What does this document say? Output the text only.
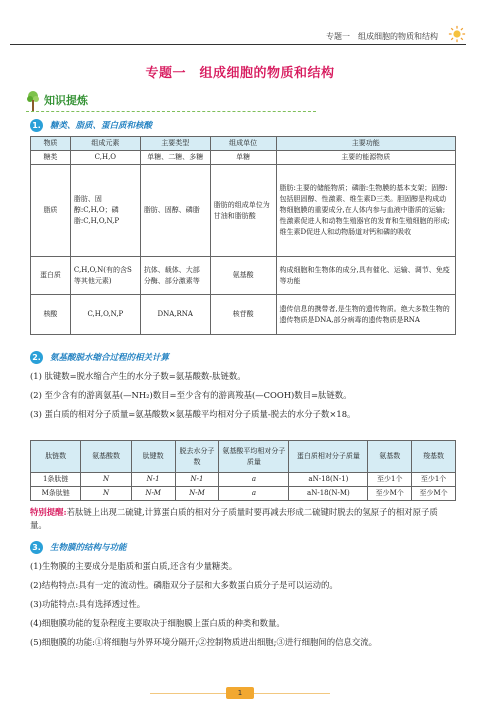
专题一　组成细胞的物质和结构
专题一　组成细胞的物质和结构
知识提炼
1. 糖类、脂质、蛋白质和核酸
物质	组成元素	主要类型	组成单位	主要功能
糖类	C,H,O	单糖、二糖、多糖	单糖	主要的能源物质
脂质	脂肪、固醇:C,H,O；磷脂:C,H,O,N,P	脂肪、固醇、磷脂	脂肪的组成单位为甘油和脂肪酸	脂肪:主要的储能物质；磷脂:生物膜的基本支架；固醇:包括胆固醇、性激素、维生素D三类。胆固醇是构成动物细胞膜的重要成分,在人体内参与血液中脂质的运输;性激素促进人和动物生殖器官的发育和生殖细胞的形成;维生素D促进人和动物肠道对钙和磷的吸收
蛋白质	C,H,O,N(有的含S等其他元素)	抗体、载体、大部分酶、部分激素等	氨基酸	构成细胞和生物体的成分,具有催化、运输、调节、免疫等功能
核酸	C,H,O,N,P	DNA,RNA	核苷酸	遗传信息的携带者,是生物的遗传物质。绝大多数生物的遗传物质是DNA,部分病毒的遗传物质是RNA
2. 氨基酸脱水缩合过程的相关计算
(1) 肽键数=脱水缩合产生的水分子数=氨基酸数-肽链数。
(2) 至少含有的游离氨基(—NH₂)数目=至少含有的游离羧基(—COOH)数目=肽链数。
(3) 蛋白质的相对分子质量=氨基酸数×氨基酸平均相对分子质量-脱去的水分子数×18。
肽链数	氨基酸数	肽键数	脱去水分子数	氨基酸平均相对分子质量	蛋白质相对分子质量	氨基数	羧基数
1条肽链	N	N-1	N-1	a	aN-18(N-1)	至少1个	至少1个
M条肽链	N	N-M	N-M	a	aN-18(N-M)	至少M个	至少M个
特别提醒:若肽链上出现二硫键,计算蛋白质的相对分子质量时要再减去形成二硫键时脱去的氢原子的相对原子质量。
3. 生物膜的结构与功能
(1)生物膜的主要成分是脂质和蛋白质,还含有少量糖类。
(2)结构特点:具有一定的流动性。磷脂双分子层和大多数蛋白质分子是可以运动的。
(3)功能特点:具有选择透过性。
(4)细胞膜功能的复杂程度主要取决于细胞膜上蛋白质的种类和数量。
(5)细胞膜的功能:①将细胞与外界环境分隔开;②控制物质进出细胞;③进行细胞间的信息交流。
1
